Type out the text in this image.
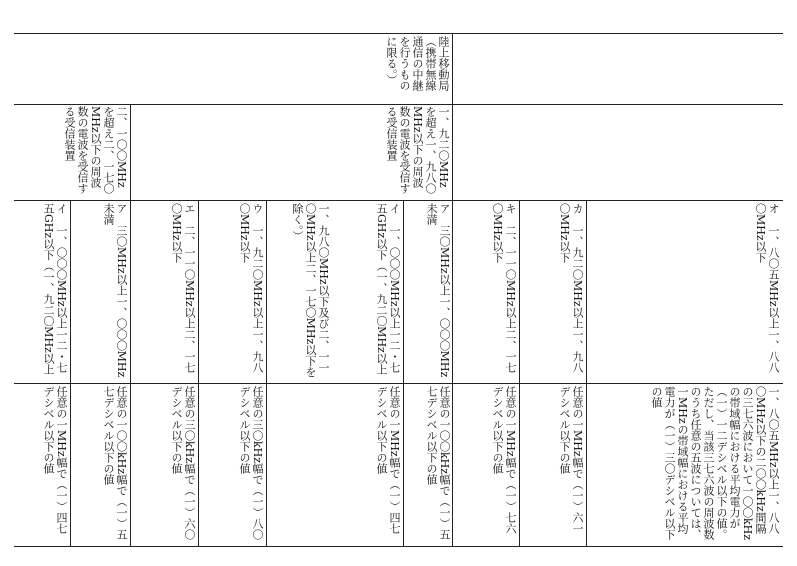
陸上移動局（携帯無線通信の中継を行うものに限る。）
二、一〇〇MHzを超え二、一七〇MHz以下の周波数の電波を受信する受信装置	一、九二〇MHzを超え一、九八〇MHz以下の周波数の電波を受信する受信装置
イ　一、〇〇〇MHz以上一二・七五GHz以下（一、九二〇MHz以上	ア　三〇MHz以上一、〇〇〇MHz未満	エ　二、一一〇MHz以上二、一七〇MHz以下	ウ　一、九二〇MHz以上一、九八〇MHz以下	一、九八〇MHz以下及び二、一一〇MHz以上二、一七〇MHz以下を除く。）	イ　一、〇〇〇MHz以上一二・七五GHz以下（一、九二〇MHz以上	ア　三〇MHz以上一、〇〇〇MHz未満	キ　二、一一〇MHz以上二、一七〇MHz以下	カ　一、九二〇MHz以上一、九八〇MHz以下	オ　一、八〇五MHz以上一、八八〇MHz以下
任意の一MHz幅で（一）四七デシベル以下の値	任意の一〇〇kHz幅で（一）五七デシベル以下の値	任意の三〇kHz幅で（一）六〇デシベル以下の値	任意の三〇kHz幅で（一）八〇デシベル以下の値	任意の一MHz幅で（一）四七デシベル以下の値	任意の一〇〇kHz幅で（一）五七デシベル以下の値	任意の一MHz幅で（一）七六デシベル以下の値	任意の一MHz幅で（一）六一デシベル以下の値	一、八〇五MHz以上一、八八〇MHz以下の二〇〇kHz間隔の三七六波において一〇〇kHzの帯域幅における平均電力が（一）一二デシベル以下の値。ただし、当該三七六波の周波数のうち任意の五波については、一MHzの帯域幅における平均電力が（一）三〇デシベル以下の値
